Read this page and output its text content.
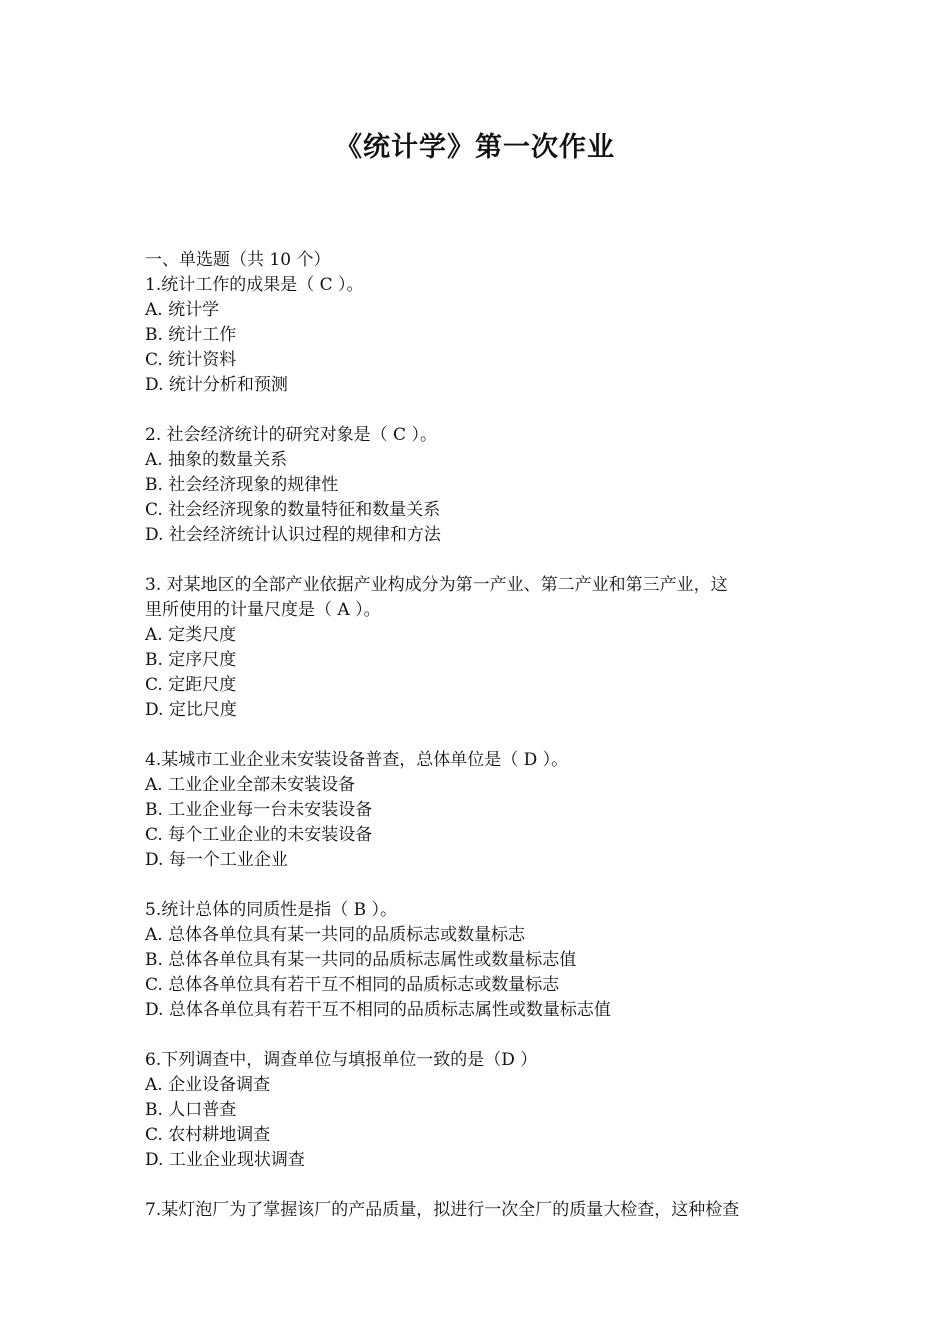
《统计学》第一次作业
一、单选题（共 10 个）
1.统计工作的成果是（ C ）。
A. 统计学
B. 统计工作
C. 统计资料
D. 统计分析和预测
2. 社会经济统计的研究对象是（ C ）。
A. 抽象的数量关系
B. 社会经济现象的规律性
C. 社会经济现象的数量特征和数量关系
D. 社会经济统计认识过程的规律和方法
3. 对某地区的全部产业依据产业构成分为第一产业、第二产业和第三产业，这
里所使用的计量尺度是（ A ）。
A. 定类尺度
B. 定序尺度
C. 定距尺度
D. 定比尺度
4.某城市工业企业未安装设备普查，总体单位是（ D ）。
A. 工业企业全部未安装设备
B. 工业企业每一台未安装设备
C. 每个工业企业的未安装设备
D. 每一个工业企业
5.统计总体的同质性是指（ B ）。
A. 总体各单位具有某一共同的品质标志或数量标志
B. 总体各单位具有某一共同的品质标志属性或数量标志值
C. 总体各单位具有若干互不相同的品质标志或数量标志
D. 总体各单位具有若干互不相同的品质标志属性或数量标志值
6.下列调查中，调查单位与填报单位一致的是（D ）
A. 企业设备调查
B. 人口普查
C. 农村耕地调查
D. 工业企业现状调查
7.某灯泡厂为了掌握该厂的产品质量，拟进行一次全厂的质量大检查，这种检查
